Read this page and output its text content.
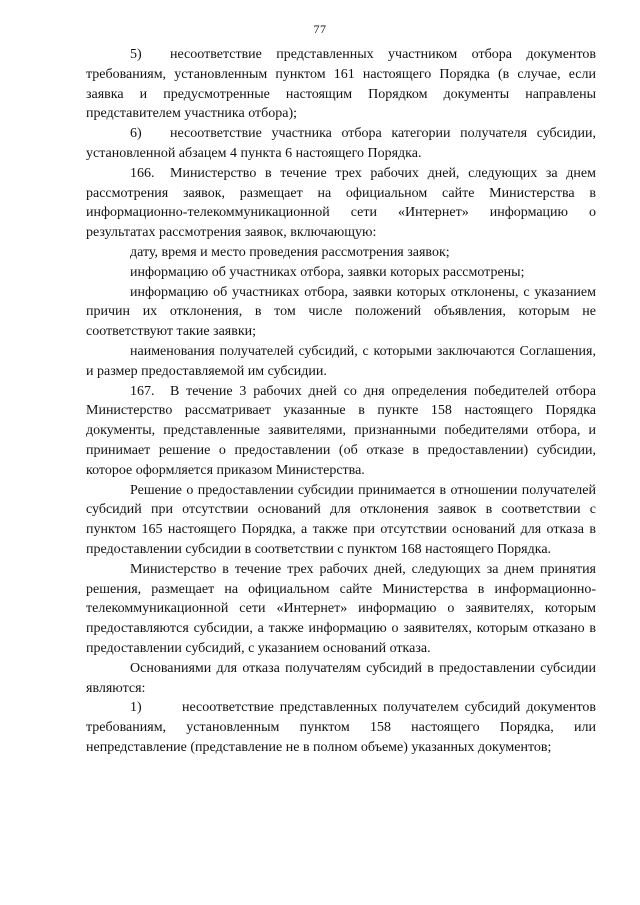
77

5) несоответствие представленных участником отбора документов требованиям, установленным пунктом 161 настоящего Порядка (в случае, если заявка и предусмотренные настоящим Порядком документы направлены представителем участника отбора);

6) несоответствие участника отбора категории получателя субсидии, установленной абзацем 4 пункта 6 настоящего Порядка.

166. Министерство в течение трех рабочих дней, следующих за днем рассмотрения заявок, размещает на официальном сайте Министерства в информационно-телекоммуникационной сети «Интернет» информацию о результатах рассмотрения заявок, включающую:

дату, время и место проведения рассмотрения заявок;

информацию об участниках отбора, заявки которых рассмотрены;

информацию об участниках отбора, заявки которых отклонены, с указанием причин их отклонения, в том числе положений объявления, которым не соответствуют такие заявки;

наименования получателей субсидий, с которыми заключаются Соглашения, и размер предоставляемой им субсидии.

167. В течение 3 рабочих дней со дня определения победителей отбора Министерство рассматривает указанные в пункте 158 настоящего Порядка документы, представленные заявителями, признанными победителями отбора, и принимает решение о предоставлении (об отказе в предоставлении) субсидии, которое оформляется приказом Министерства.

Решение о предоставлении субсидии принимается в отношении получателей субсидий при отсутствии оснований для отклонения заявок в соответствии с пунктом 165 настоящего Порядка, а также при отсутствии оснований для отказа в предоставлении субсидии в соответствии с пунктом 168 настоящего Порядка.

Министерство в течение трех рабочих дней, следующих за днем принятия решения, размещает на официальном сайте Министерства в информационно-телекоммуникационной сети «Интернет» информацию о заявителях, которым предоставляются субсидии, а также информацию о заявителях, которым отказано в предоставлении субсидий, с указанием оснований отказа.

Основаниями для отказа получателям субсидий в предоставлении субсидии являются:

1)	несоответствие представленных получателем субсидий документов требованиям, установленным пунктом 158 настоящего Порядка, или непредставление (представление не в полном объеме) указанных документов;
